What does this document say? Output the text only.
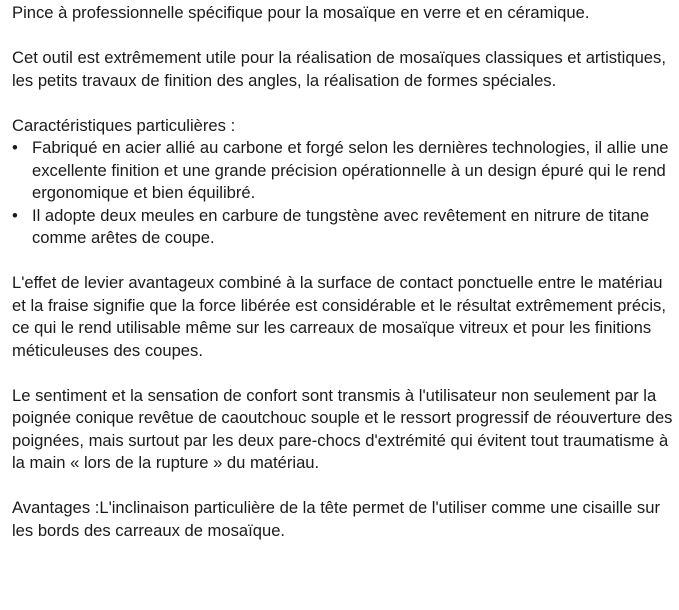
Pince à professionnelle spécifique pour la mosaïque en verre et en céramique.

Cet outil est extrêmement utile pour la réalisation de mosaïques classiques et artistiques, les petits travaux de finition des angles, la réalisation de formes spéciales.

Caractéristiques particulières :

• Fabriqué en acier allié au carbone et forgé selon les dernières technologies, il allie une excellente finition et une grande précision opérationnelle à un design épuré qui le rend ergonomique et bien équilibré.
• Il adopte deux meules en carbure de tungstène avec revêtement en nitrure de titane comme arêtes de coupe.

L'effet de levier avantageux combiné à la surface de contact ponctuelle entre le matériau et la fraise signifie que la force libérée est considérable et le résultat extrêmement précis, ce qui le rend utilisable même sur les carreaux de mosaïque vitreux et pour les finitions méticuleuses des coupes.

Le sentiment et la sensation de confort sont transmis à l'utilisateur non seulement par la poignée conique revêtue de caoutchouc souple et le ressort progressif de réouverture des poignées, mais surtout par les deux pare-chocs d'extrémité qui évitent tout traumatisme à la main « lors de la rupture » du matériau.

Avantages :L'inclinaison particulière de la tête permet de l'utiliser comme une cisaille sur les bords des carreaux de mosaïque.
